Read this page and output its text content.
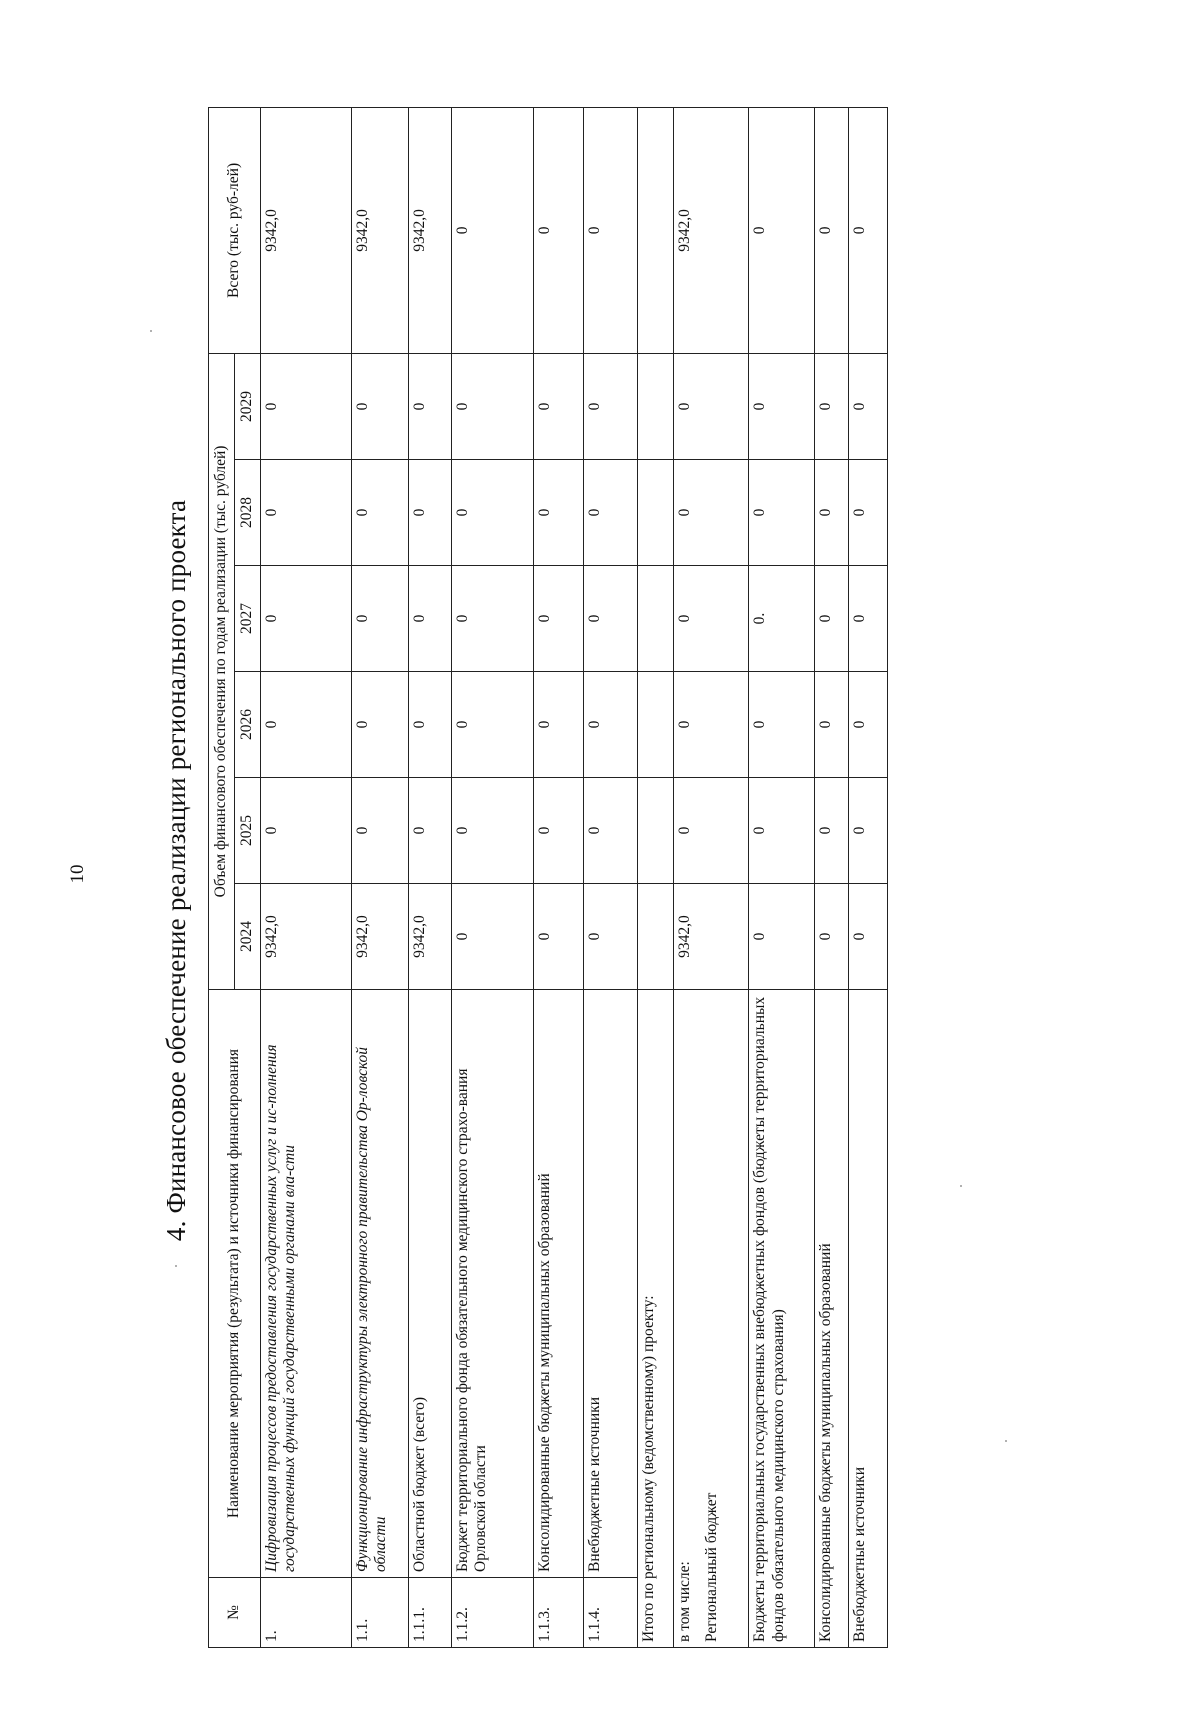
10	4. Финансовое обеспечение реализации регионального проекта
№	Наименование мероприятия (результата) и источники финансирования	Объем финансового обеспечения по годам реализации (тыс. рублей)						Всего (тыс. руб-лей)
		2024	2025	2026	2027	2028	2029	
1.	Цифровизация процессов предоставления государственных услуг и ис-полнения государственных функций государственными органами вла-сти	9342,0	0	0	0	0	0	9342,0
1.1.	Функционирование инфраструктуры электронного правительства Ор-ловской области	9342,0	0	0	0	0	0	9342,0
1.1.1.	Областной бюджет (всего)	9342,0	0	0	0	0	0	9342,0
1.1.2.	Бюджет территориального фонда обязательного медицинского страхо-вания Орловской области	0	0	0	0	0	0	0
1.1.3.	Консолидированные бюджеты муниципальных образований	0	0	0	0	0	0	0
1.1.4.	Внебюджетные источники	0	0	0	0	0	0	0
Итого по региональному (ведомственному) проекту:								

в том числе: Региональный бюджет		9342,0	0	0	0	0	0	9342,0
Бюджеты территориальных государственных внебюджетных фондов (бюджеты территориальных фондов обязательного медицинского страхования)		0	0	0	0.	0	0	0
Консолидированные бюджеты муниципальных образований		0	0	0	0	0	0	0
Внебюджетные источники		0	0	0	0	0	0	0
